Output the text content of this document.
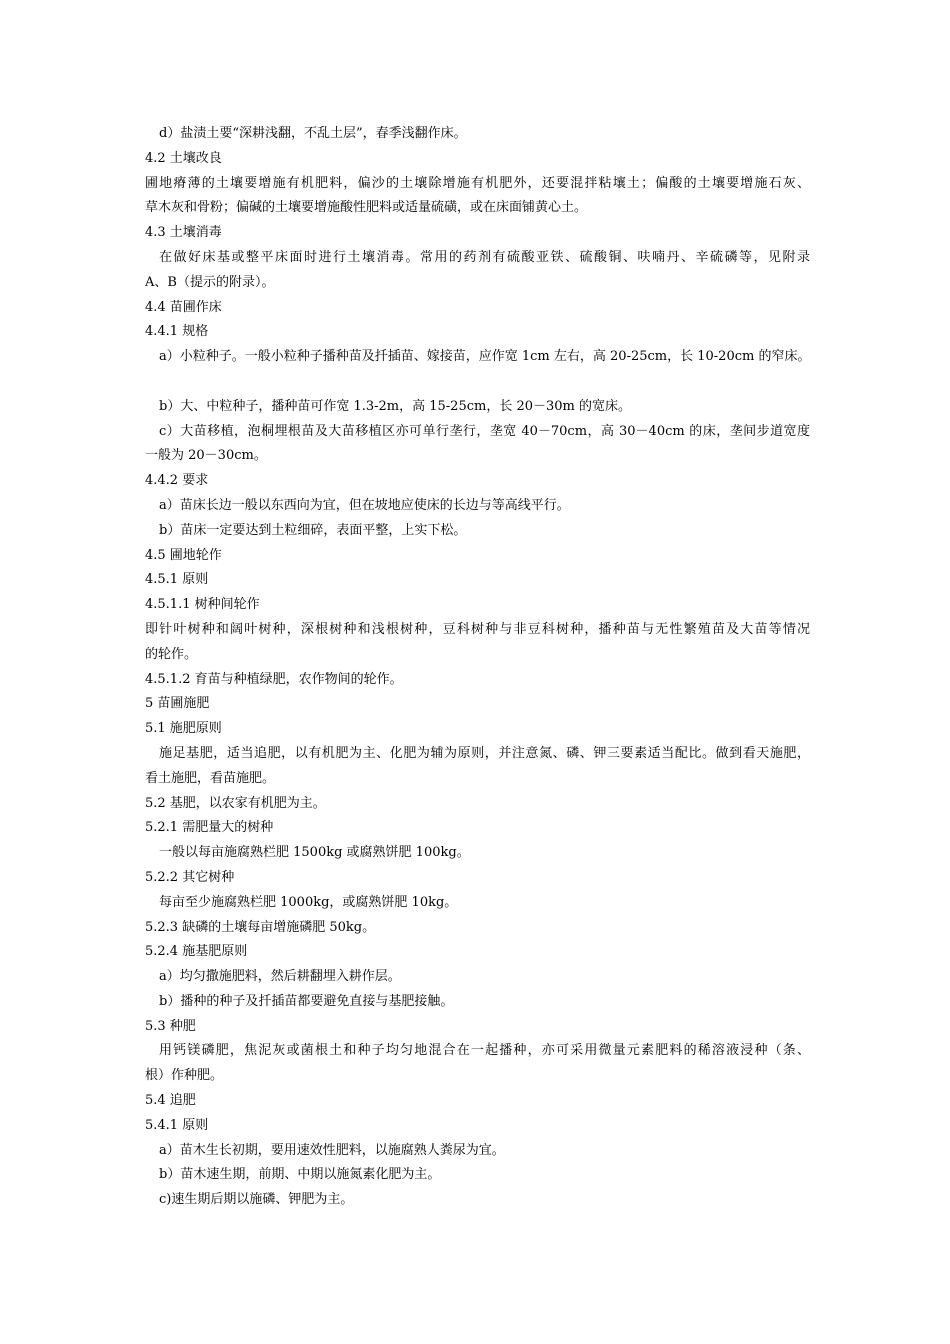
d）盐渍土要“深耕浅翻，不乱土层”，春季浅翻作床。
4.2 土壤改良
圃地瘠薄的土壤要增施有机肥料，偏沙的土壤除增施有机肥外，还要混拌粘壤土；偏酸的土壤要增施石灰、
草木灰和骨粉；偏碱的土壤要增施酸性肥料或适量硫磺，或在床面铺黄心土。
4.3 土壤消毒
在做好床基或整平床面时进行土壤消毒。常用的药剂有硫酸亚铁、硫酸铜、呋喃丹、辛硫磷等，见附录
A、B（提示的附录）。
4.4 苗圃作床
4.4.1 规格
a）小粒种子。一般小粒种子播种苗及扦插苗、嫁接苗，应作宽 1cm 左右，高 20-25cm，长 10-20cm 的窄床。
b）大、中粒种子，播种苗可作宽 1.3-2m，高 15-25cm，长 20－30m 的宽床。
c）大苗移植，泡桐埋根苗及大苗移植区亦可单行垄行，垄宽 40－70cm，高 30－40cm 的床，垄间步道宽度
一般为 20－30cm。
4.4.2 要求
a）苗床长边一般以东西向为宜，但在坡地应使床的长边与等高线平行。
b）苗床一定要达到土粒细碎，表面平整，上实下松。
4.5 圃地轮作
4.5.1 原则
4.5.1.1 树种间轮作
即针叶树种和阔叶树种，深根树种和浅根树种，豆科树种与非豆科树种，播种苗与无性繁殖苗及大苗等情况
的轮作。
4.5.1.2 育苗与种植绿肥，农作物间的轮作。
5 苗圃施肥
5.1 施肥原则
施足基肥，适当追肥，以有机肥为主、化肥为辅为原则，并注意氮、磷、钾三要素适当配比。做到看天施肥，
看土施肥，看苗施肥。
5.2 基肥，以农家有机肥为主。
5.2.1 需肥量大的树种
一般以每亩施腐熟栏肥 1500kg 或腐熟饼肥 100kg。
5.2.2 其它树种
每亩至少施腐熟栏肥 1000kg，或腐熟饼肥 10kg。
5.2.3 缺磷的土壤每亩增施磷肥 50kg。
5.2.4 施基肥原则
a）均匀撒施肥料，然后耕翻埋入耕作层。
b）播种的种子及扦插苗都要避免直接与基肥接触。
5.3 种肥
用钙镁磷肥，焦泥灰或菌根土和种子均匀地混合在一起播种，亦可采用微量元素肥料的稀溶液浸种（条、
根）作种肥。
5.4 追肥
5.4.1 原则
a）苗木生长初期，要用速效性肥料，以施腐熟人粪尿为宜。
b）苗木速生期，前期、中期以施氮素化肥为主。
c)速生期后期以施磷、钾肥为主。
